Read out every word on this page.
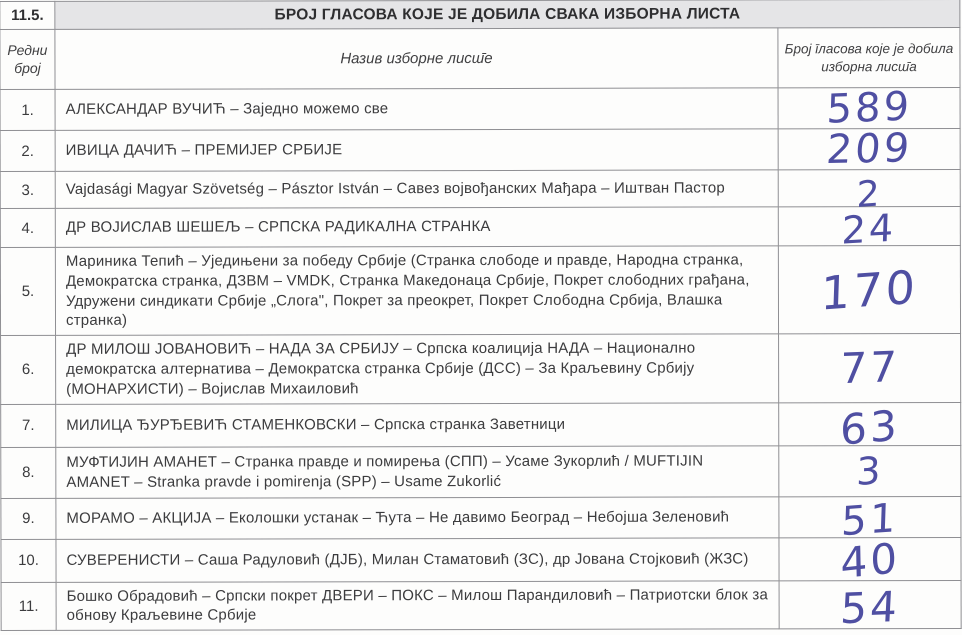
11.5.	БРОЈ ГЛАСОВА КОЈЕ ЈЕ ДОБИЛА СВАКА ИЗБОРНА ЛИСТА	
Редни број	Назив изборне лисш̄е	Број īласова које је добила изборна лисш̄а
1.	АЛЕКСАНДАР ВУЧИЋ – Заједно можемо све	589
2.	ИВИЦА ДАЧИЋ – ПРЕМИЈЕР СРБИЈЕ	209
3.	Vajdasági Magyar Szövetség – Pásztor István – Савез војвођанских Мађара – Иштван Пастор	2
4.	ДР ВОЈИСЛАВ ШЕШЕЉ – СРПСКА РАДИКАЛНА СТРАНКА	24
5.	Мариника Тепић – Уједињени за победу Србије (Странка слободе и правде, Народна странка, Демократска странка, ДЗВМ – VMDK, Странка Македонаца Србије, Покрет слободних грађана, Удружени синдикати Србије „Слога", Покрет за преокрет, Покрет Слободна Србија, Влашка странка)	170
6.	ДР МИЛОШ ЈОВАНОВИЋ – НАДА ЗА СРБИЈУ – Српска коалиција НАДА – Национално демократска алтернатива – Демократска странка Србије (ДСС) – За Краљевину Србију (МОНАРХИСТИ) – Војислав Михаиловић	77
7.	МИЛИЦА ЂУРЂЕВИЋ СТАМЕНКОВСКИ – Српска странка Заветници	63
8.	МУФТИЈИН АМАНЕТ – Странка правде и помирења (СПП) – Усаме Зукорлић / MUFTIJIN AMANET – Stranka pravde i pomirenja (SPP) – Usame Zukorlić	3
9.	МОРАМО – АКЦИЈА – Еколошки устанак – Ћута – Не давимо Београд – Небојша Зеленовић	51
10.	СУВЕРЕНИСТИ – Саша Радуловић (ДЈБ), Милан Стаматовић (ЗС), др Јована Стојковић (ЖЗС)	40
11.	Бошко Обрадовић – Српски покрет ДВЕРИ – ПОКС – Милош Парандиловић – Патриотски блок за обнову Краљевине Србије	54
